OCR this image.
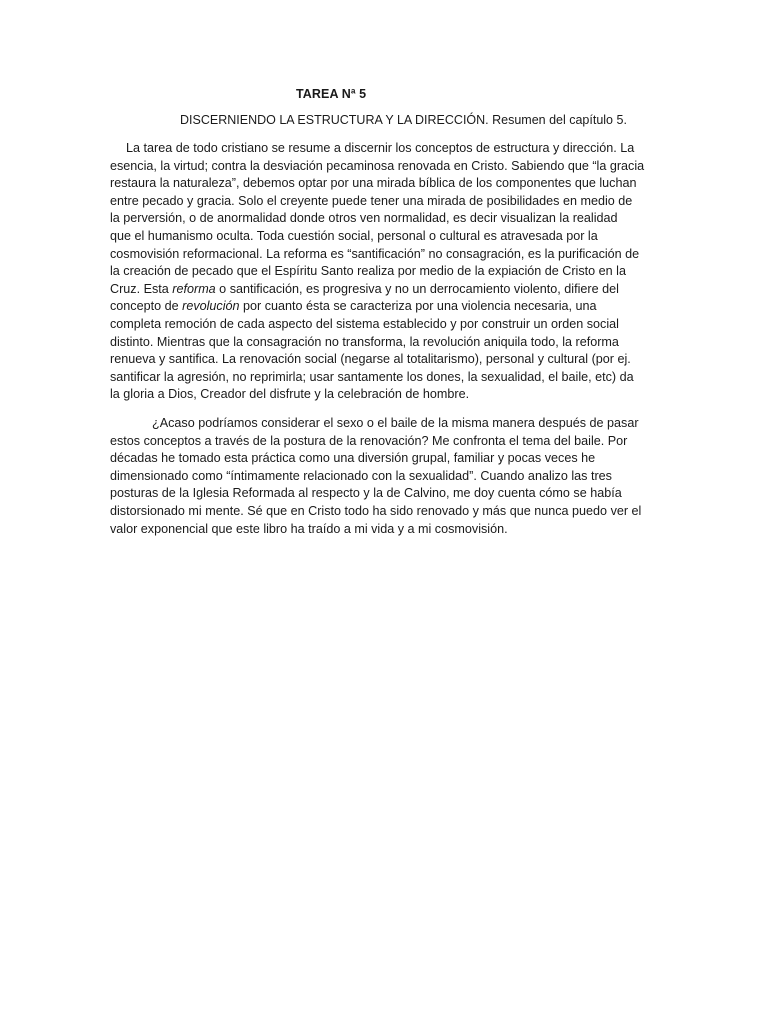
TAREA Nª 5
DISCERNIENDO LA ESTRUCTURA Y LA DIRECCIÓN. Resumen del capítulo 5.
La tarea de todo cristiano se resume a discernir los conceptos de estructura y dirección. La
esencia, la virtud; contra la desviación pecaminosa renovada en Cristo. Sabiendo que “la gracia
restaura la naturaleza”, debemos optar por una mirada bíblica de los componentes que luchan
entre pecado y gracia. Solo el creyente puede tener una mirada de posibilidades en medio de
la perversión, o de anormalidad donde otros ven normalidad, es decir visualizan la realidad
que el humanismo oculta. Toda cuestión social, personal o cultural es atravesada por la
cosmovisión reformacional. La reforma es “santificación” no consagración, es la purificación de
la creación de pecado que el Espíritu Santo realiza por medio de la expiación de Cristo en la
Cruz. Esta reforma o santificación, es progresiva y no un derrocamiento violento, difiere del
concepto de revolución por cuanto ésta se caracteriza por una violencia necesaria, una
completa remoción de cada aspecto del sistema establecido y por construir un orden social
distinto. Mientras que la consagración no transforma, la revolución aniquila todo, la reforma
renueva y santifica. La renovación social (negarse al totalitarismo), personal y cultural (por ej.
santificar la agresión, no reprimirla; usar santamente los dones, la sexualidad, el baile, etc) da
la gloria a Dios, Creador del disfrute y la celebración de hombre.
¿Acaso podríamos considerar el sexo o el baile de la misma manera después de pasar
estos conceptos a través de la postura de la renovación? Me confronta el tema del baile. Por
décadas he tomado esta práctica como una diversión grupal, familiar y pocas veces he
dimensionado como “íntimamente relacionado con la sexualidad”. Cuando analizo las tres
posturas de la Iglesia Reformada al respecto y la de Calvino, me doy cuenta cómo se había
distorsionado mi mente. Sé que en Cristo todo ha sido renovado y más que nunca puedo ver el
valor exponencial que este libro ha traído a mi vida y a mi cosmovisión.
